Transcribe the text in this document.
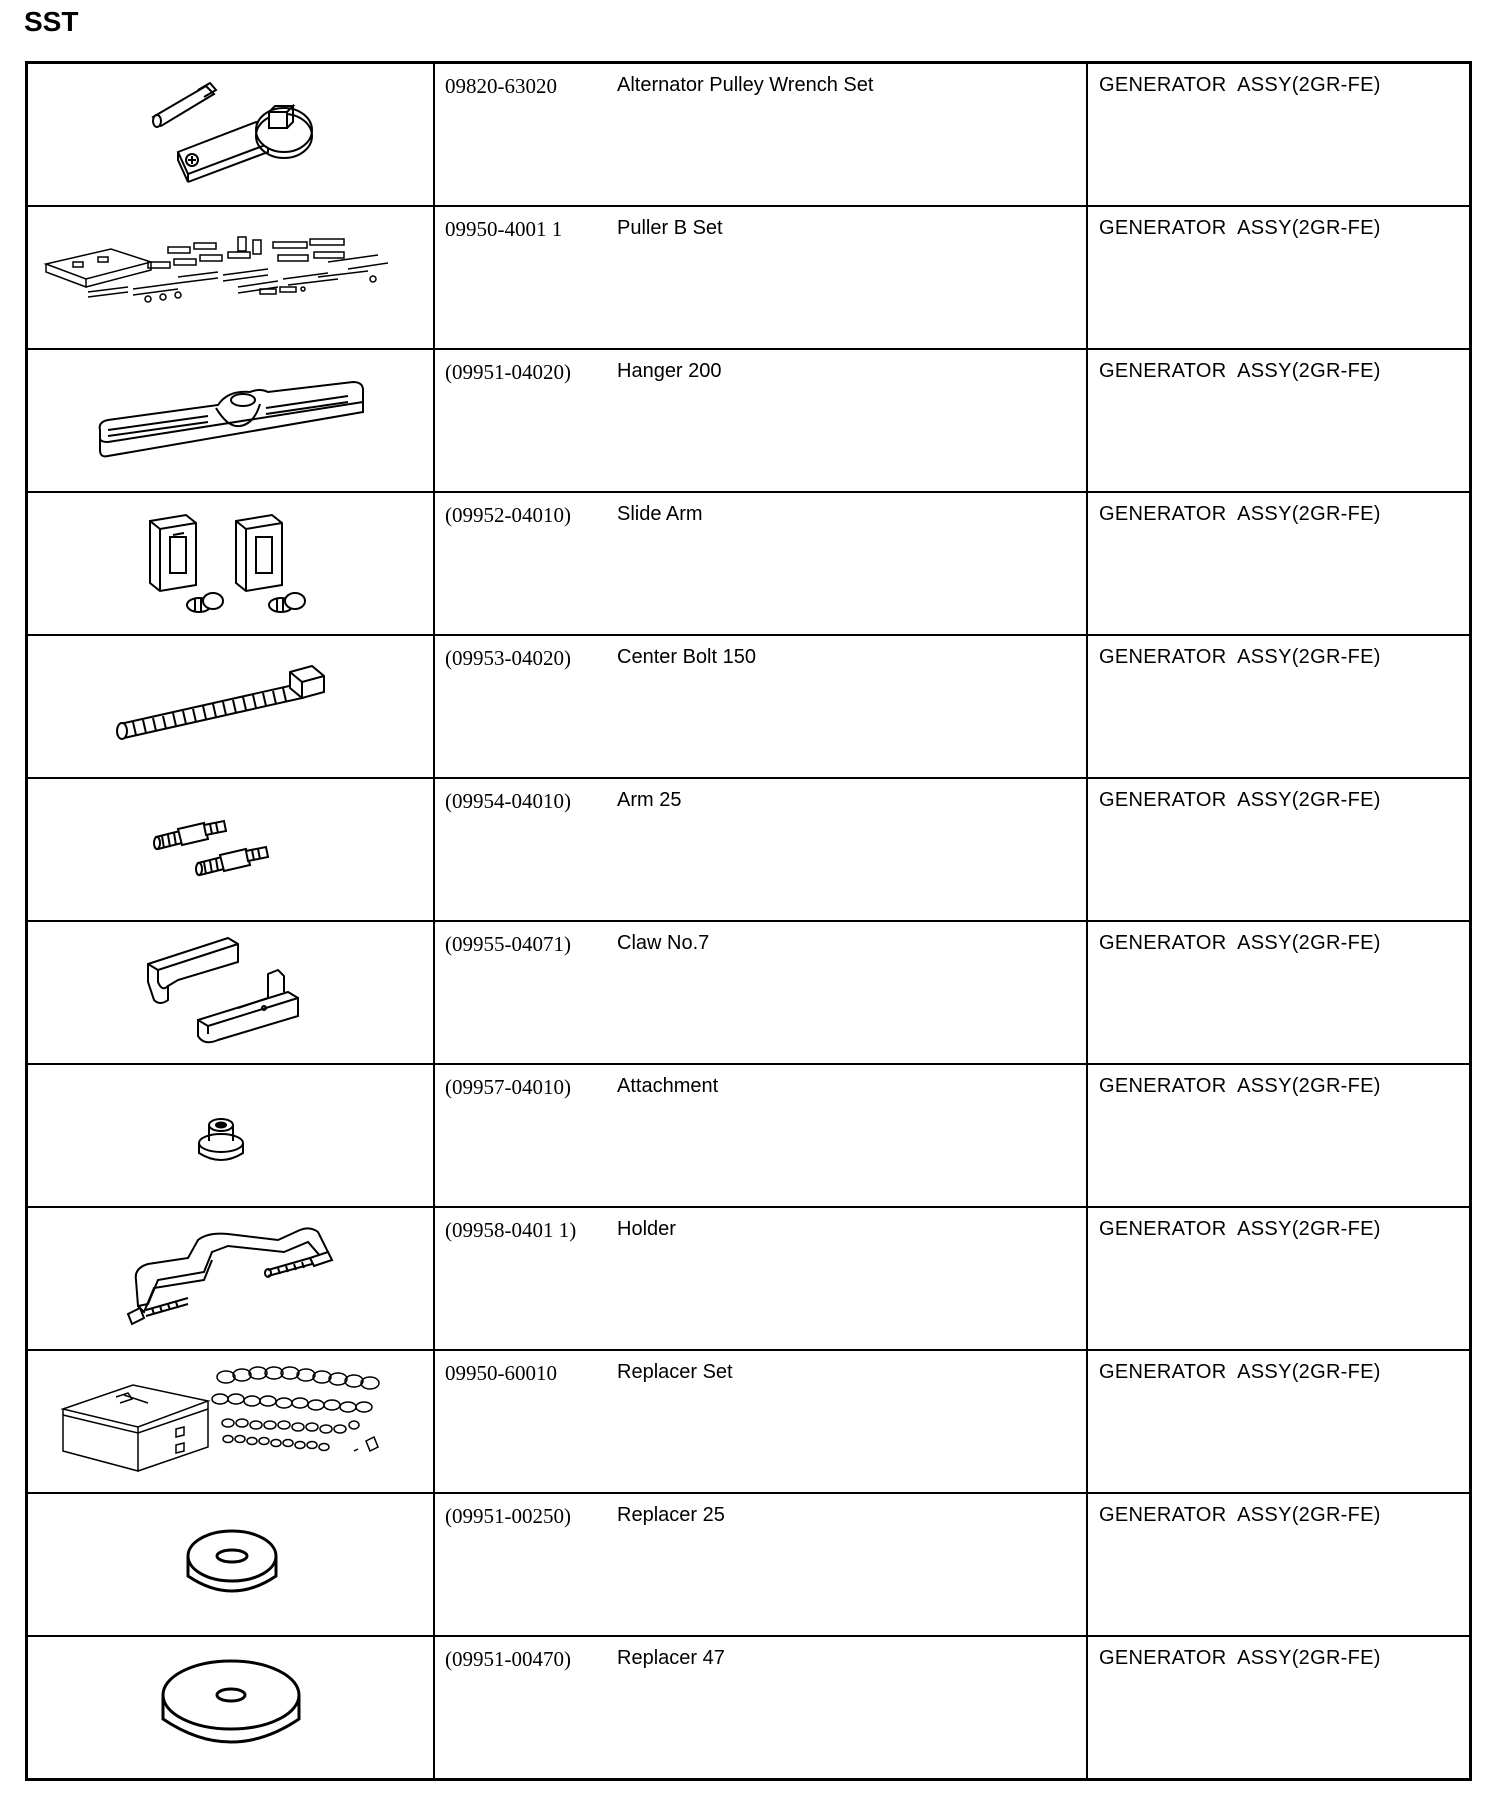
SST

09820-63020 Alternator Pulley Wrench Set	GENERATOR  ASSY(2GR-FE)

09950-4001 1 Puller B Set	GENERATOR  ASSY(2GR-FE)

(09951-04020) Hanger 200	GENERATOR  ASSY(2GR-FE)

(09952-04010) Slide Arm	GENERATOR  ASSY(2GR-FE)

(09953-04020) Center Bolt 150	GENERATOR  ASSY(2GR-FE)

(09954-04010) Arm 25	GENERATOR  ASSY(2GR-FE)

(09955-04071) Claw No.7	GENERATOR  ASSY(2GR-FE)

(09957-04010) Attachment	GENERATOR  ASSY(2GR-FE)

(09958-0401 1) Holder	GENERATOR  ASSY(2GR-FE)

09950-60010 Replacer Set	GENERATOR  ASSY(2GR-FE)

(09951-00250) Replacer 25	GENERATOR  ASSY(2GR-FE)

(09951-00470) Replacer 47	GENERATOR  ASSY(2GR-FE)
